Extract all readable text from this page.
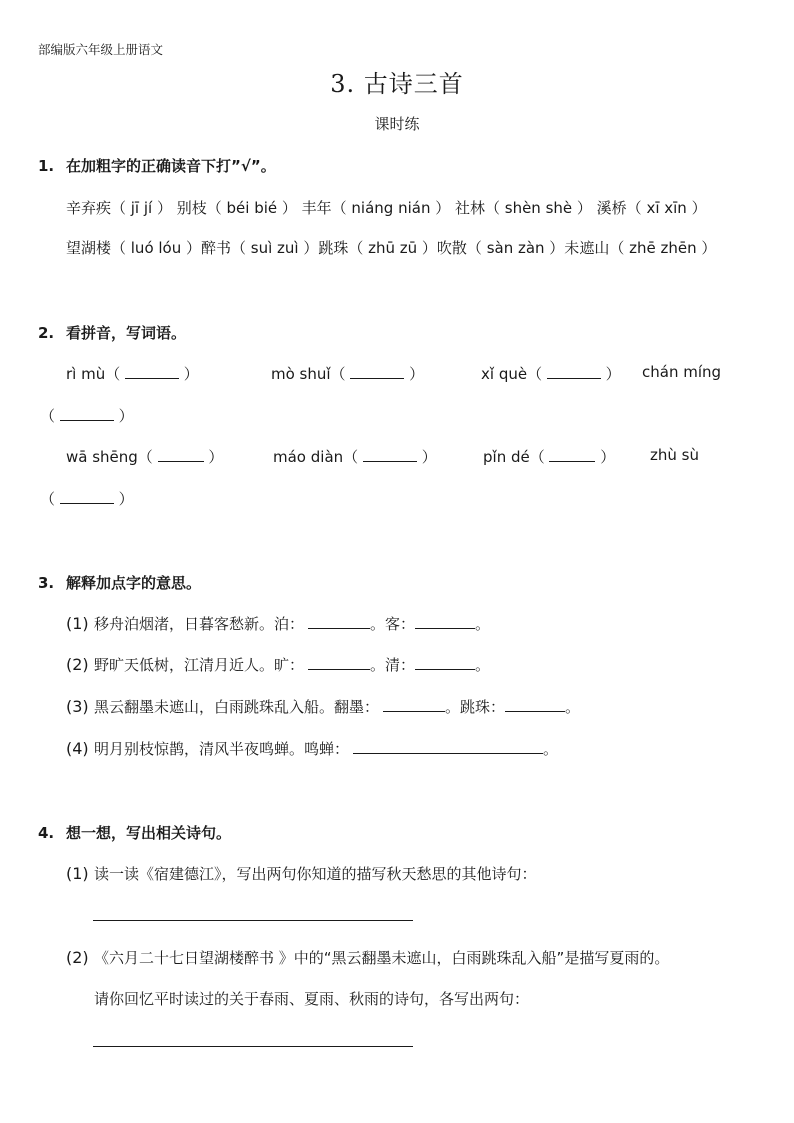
部编版六年级上册语文
3. 古诗三首
课时练
1. 在加粗字的正确读音下打”√”。
辛弃疾（ jī jí ） 别枝（ béi bié ） 丰年（ niáng nián ） 社林（ shèn shè ） 溪桥（ xī xīn ）
望湖楼（ luó lóu ）醉书（ suì zuì ）跳珠（ zhū zū ）吹散（ sàn zàn ）未遮山（ zhē zhēn ）
2. 看拼音，写词语。
rì mù（	）	mò shuǐ（	）	xǐ què（	） chán míng
（	）
wā shēng（	）	máo diàn（	）	pǐn dé（	） zhù sù
（	）
3. 解释加点字的意思。
(1) 移舟泊烟渚，日暮客愁新。泊：	。客：	。
(2) 野旷天低树，江清月近人。旷：	。清：	。
(3) 黑云翻墨未遮山，白雨跳珠乱入船。翻墨：	。跳珠：	。
(4) 明月别枝惊鹊，清风半夜鸣蝉。鸣蝉：	。
4. 想一想，写出相关诗句。
(1) 读一读《宿建德江》，写出两句你知道的描写秋天愁思的其他诗句：
(2) 《六月二十七日望湖楼醉书 》中的“黑云翻墨未遮山，白雨跳珠乱入船”是描写夏雨的。
请你回忆平时读过的关于春雨、夏雨、秋雨的诗句，各写出两句：
